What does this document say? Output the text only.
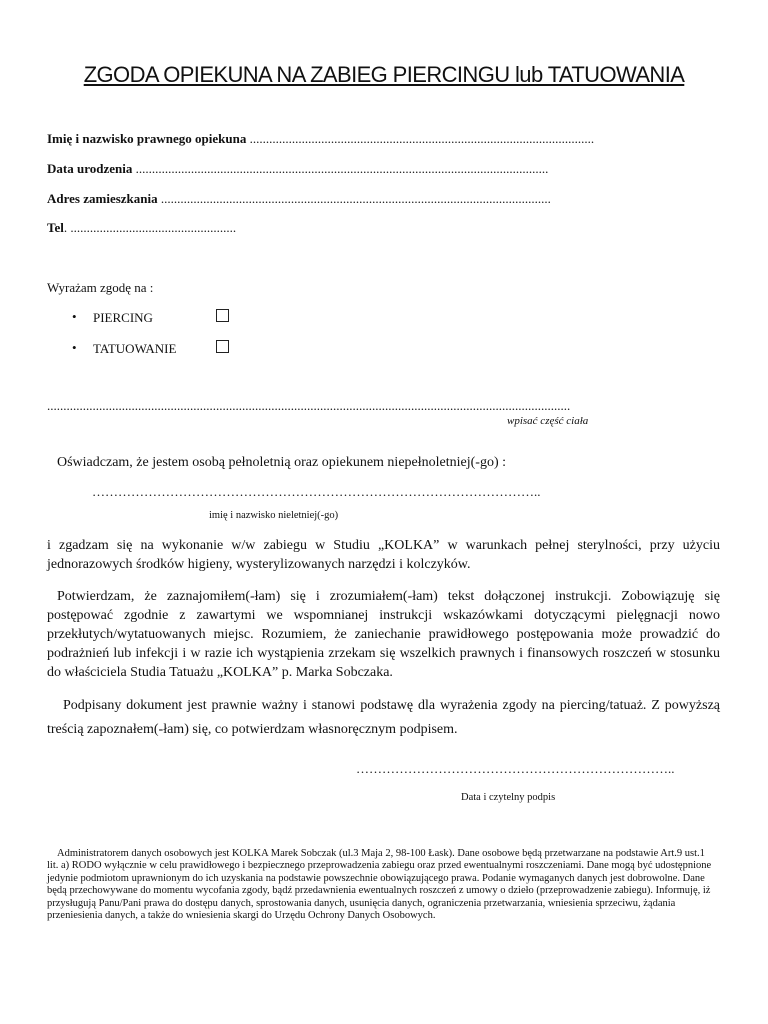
ZGODA OPIEKUNA NA ZABIEG PIERCINGU lub TATUOWANIA
Imię i nazwisko prawnego opiekuna ..........................................................................................................
Data urodzenia ...............................................................................................................................
Adres zamieszkania ........................................................................................................................
Tel. ...................................................
Wyrażam zgodę na :
• PIERCING
• TATUOWANIE
.................................................................................................................................................................
wpisać część ciała
Oświadczam, że jestem osobą pełnoletnią oraz opiekunem niepełnoletniej(-go) :
…………………………………………………………………………………………..
imię i nazwisko nieletniej(-go)
i zgadzam się na wykonanie w/w zabiegu w Studiu „KOLKA” w warunkach pełnej sterylności, przy użyciu jednorazowych środków higieny, wysterylizowanych narzędzi i kolczyków.
Potwierdzam, że zaznajomiłem(-łam) się i zrozumiałem(-łam) tekst dołączonej instrukcji. Zobowiązuję się postępować zgodnie z zawartymi we wspomnianej instrukcji wskazówkami dotyczącymi pielęgnacji nowo przekłutych/wytatuowanych miejsc. Rozumiem, że zaniechanie prawidłowego postępowania może prowadzić do podrażnień lub infekcji i w razie ich wystąpienia zrzekam się wszelkich prawnych i finansowych roszczeń w stosunku do właściciela Studia Tatuażu „KOLKA” p. Marka Sobczaka.
Podpisany dokument jest prawnie ważny i stanowi podstawę dla wyrażenia zgody na piercing/tatuaż. Z powyższą treścią zapoznałem(-łam) się, co potwierdzam własnoręcznym podpisem.
………………………………………………………………..
Data i czytelny podpis
Administratorem danych osobowych jest KOLKA Marek Sobczak (ul.3 Maja 2, 98-100 Łask). Dane osobowe będą przetwarzane na podstawie Art.9 ust.1 lit. a) RODO wyłącznie w celu prawidłowego i bezpiecznego przeprowadzenia zabiegu oraz przed ewentualnymi roszczeniami. Dane mogą być udostępnione jedynie podmiotom uprawnionym do ich uzyskania na podstawie powszechnie obowiązującego prawa. Podanie wymaganych danych jest dobrowolne. Dane będą przechowywane do momentu wycofania zgody, bądź przedawnienia ewentualnych roszczeń z umowy o dzieło (przeprowadzenie zabiegu). Informuję, iż przysługują Panu/Pani prawa do dostępu danych, sprostowania danych, usunięcia danych, ograniczenia przetwarzania, wniesienia sprzeciwu, żądania przeniesienia danych, a także do wniesienia skargi do Urzędu Ochrony Danych Osobowych.
